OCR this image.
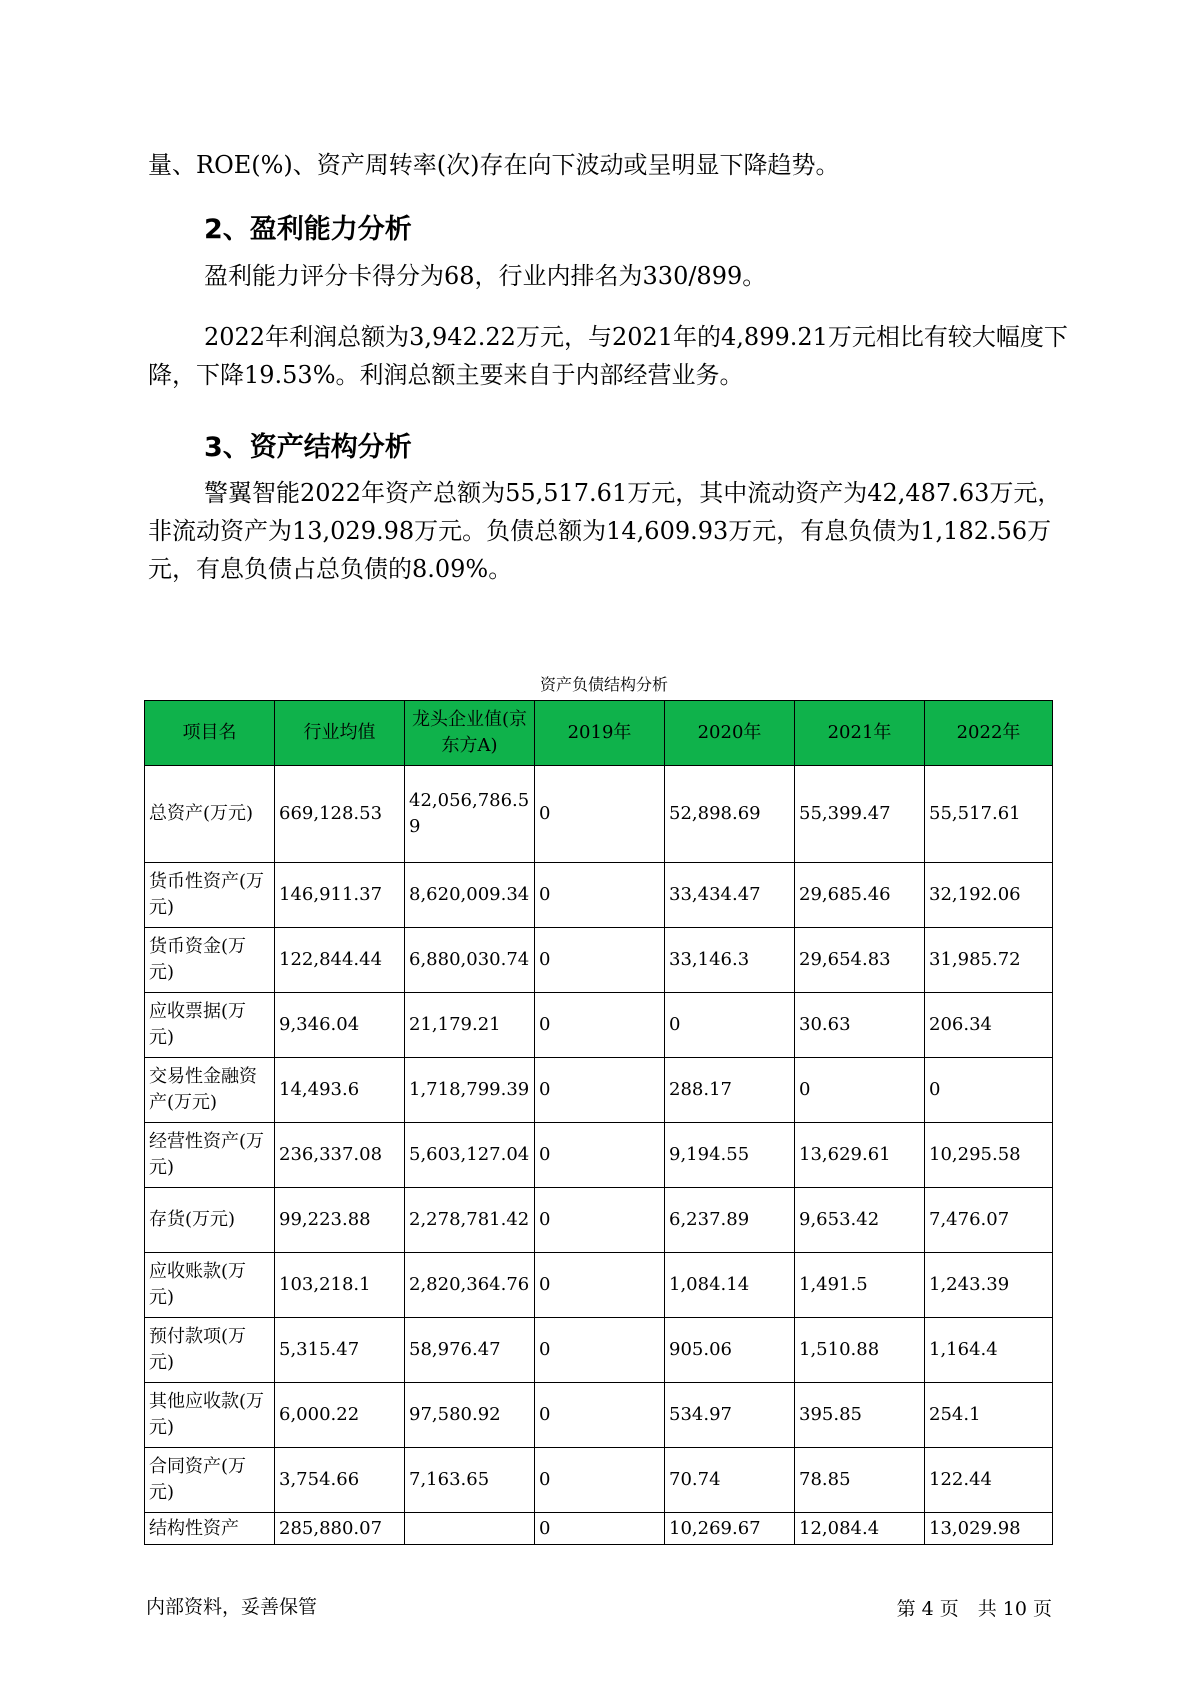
量、ROE(%)、资产周转率(次)存在向下波动或呈明显下降趋势。

2、盈利能力分析

盈利能力评分卡得分为68，行业内排名为330/899。

2022年利润总额为3,942.22万元，与2021年的4,899.21万元相比有较大幅度下降，下降19.53%。利润总额主要来自于内部经营业务。

3、资产结构分析

警翼智能2022年资产总额为55,517.61万元，其中流动资产为42,487.63万元，非流动资产为13,029.98万元。负债总额为14,609.93万元，有息负债为1,182.56万元，有息负债占总负债的8.09%。

资产负债结构分析
项目名	行业均值	龙头企业值(京东方A)	2019年	2020年	2021年	2022年
总资产(万元)	669,128.53	42,056,786.59	0	52,898.69	55,399.47	55,517.61
货币性资产(万元)	146,911.37	8,620,009.34	0	33,434.47	29,685.46	32,192.06
货币资金(万元)	122,844.44	6,880,030.74	0	33,146.3	29,654.83	31,985.72
应收票据(万元)	9,346.04	21,179.21	0	0	30.63	206.34
交易性金融资产(万元)	14,493.6	1,718,799.39	0	288.17	0	0
经营性资产(万元)	236,337.08	5,603,127.04	0	9,194.55	13,629.61	10,295.58
存货(万元)	99,223.88	2,278,781.42	0	6,237.89	9,653.42	7,476.07
应收账款(万元)	103,218.1	2,820,364.76	0	1,084.14	1,491.5	1,243.39
预付款项(万元)	5,315.47	58,976.47	0	905.06	1,510.88	1,164.4
其他应收款(万元)	6,000.22	97,580.92	0	534.97	395.85	254.1
合同资产(万元)	3,754.66	7,163.65	0	70.74	78.85	122.44
结构性资产	285,880.07		0	10,269.67	12,084.4	13,029.98
内部资料，妥善保管	第 4 页　共 10 页
